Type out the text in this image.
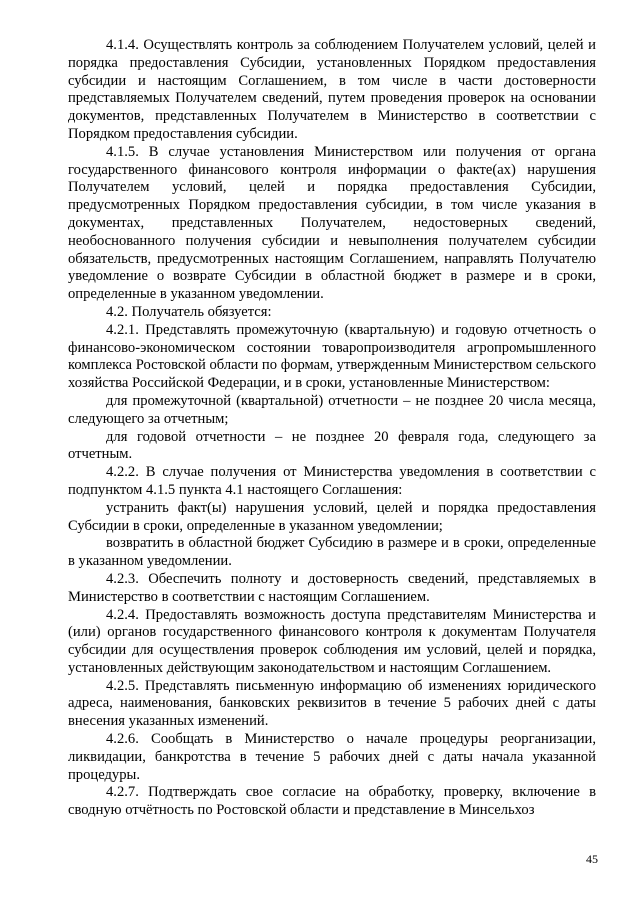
4.1.4. Осуществлять контроль за соблюдением Получателем условий, целей и порядка предоставления Субсидии, установленных Порядком предоставления субсидии и настоящим Соглашением, в том числе в части достоверности представляемых Получателем сведений, путем проведения проверок на основании документов, представленных Получателем в Министерство в соответствии с Порядком предоставления субсидии.

4.1.5. В случае установления Министерством или получения от органа государственного финансового контроля информации о факте(ах) нарушения Получателем условий, целей и порядка предоставления Субсидии, предусмотренных Порядком предоставления субсидии, в том числе указания в документах, представленных Получателем, недостоверных сведений, необоснованного получения субсидии и невыполнения получателем субсидии обязательств, предусмотренных настоящим Соглашением, направлять Получателю уведомление о возврате Субсидии в областной бюджет в размере и в сроки, определенные в указанном уведомлении.

4.2. Получатель обязуется:

4.2.1. Представлять промежуточную (квартальную) и годовую отчетность о финансово-экономическом состоянии товаропроизводителя агропромышленного комплекса Ростовской области по формам, утвержденным Министерством сельского хозяйства Российской Федерации, и в сроки, установленные Министерством:

для промежуточной (квартальной) отчетности – не позднее 20 числа месяца, следующего за отчетным;

для годовой отчетности – не позднее 20 февраля года, следующего за отчетным.

4.2.2. В случае получения от Министерства уведомления в соответствии с подпунктом 4.1.5 пункта 4.1 настоящего Соглашения:

устранить факт(ы) нарушения условий, целей и порядка предоставления Субсидии в сроки, определенные в указанном уведомлении;

возвратить в областной бюджет Субсидию в размере и в сроки, определенные в указанном уведомлении.

4.2.3. Обеспечить полноту и достоверность сведений, представляемых в Министерство в соответствии с настоящим Соглашением.

4.2.4. Предоставлять возможность доступа представителям Министерства и (или) органов государственного финансового контроля к документам Получателя субсидии для осуществления проверок соблюдения им условий, целей и порядка, установленных действующим законодательством и настоящим Соглашением.

4.2.5. Представлять письменную информацию об изменениях юридического адреса, наименования, банковских реквизитов в течение 5 рабочих дней с даты внесения указанных изменений.

4.2.6. Сообщать в Министерство о начале процедуры реорганизации, ликвидации, банкротства в течение 5 рабочих дней с даты начала указанной процедуры.

4.2.7. Подтверждать свое согласие на обработку, проверку, включение в сводную отчётность по Ростовской области и представление в Минсельхоз

45
